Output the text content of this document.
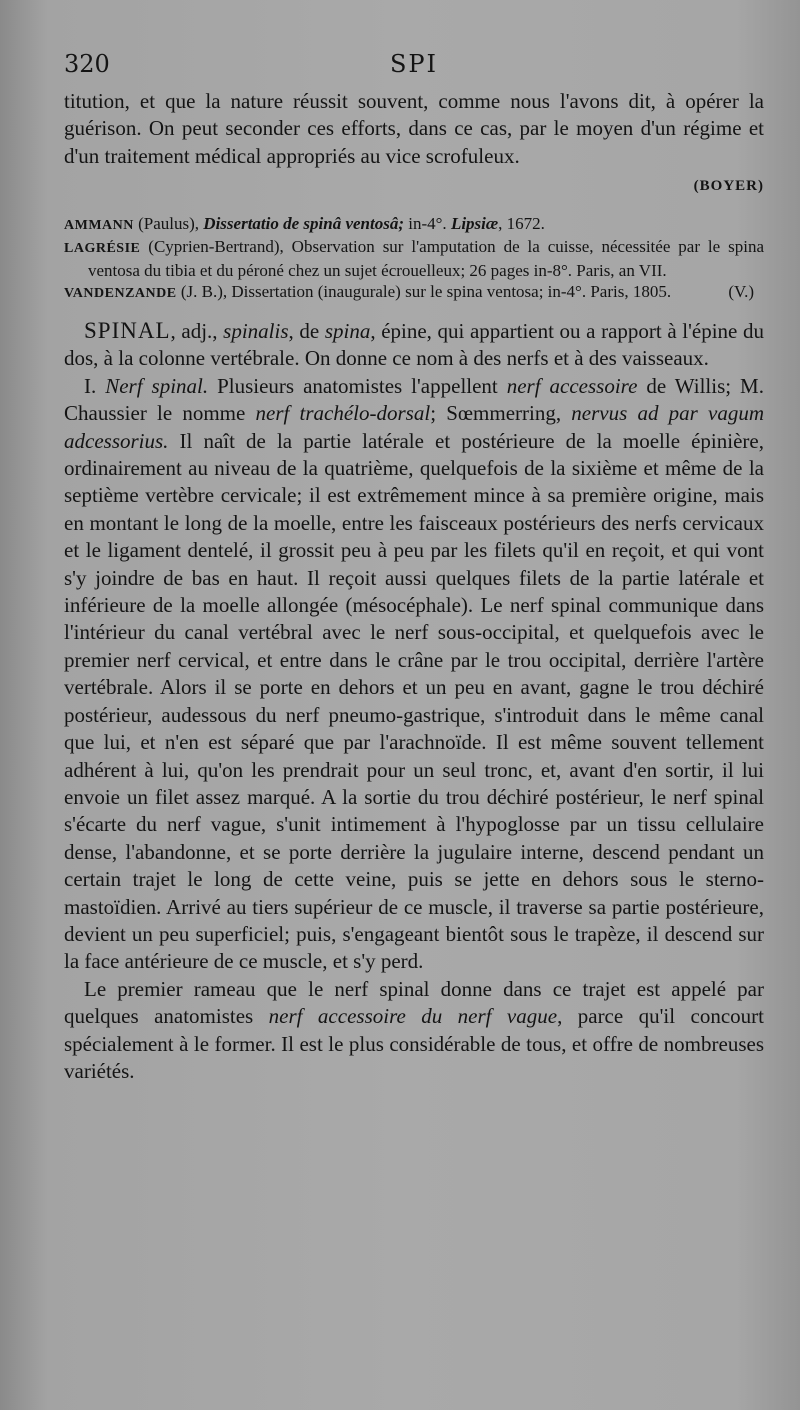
320	SPI

titution, et que la nature réussit souvent, comme nous l'avons dit, à opérer la guérison. On peut seconder ces efforts, dans ce cas, par le moyen d'un régime et d'un traitement médical appropriés au vice scrofuleux.

(BOYER)

AMMANN (Paulus), Dissertatio de spinâ ventosâ; in-4°. Lipsiæ, 1672.

LAGRÉSIE (Cyprien-Bertrand), Observation sur l'amputation de la cuisse, nécessitée par le spina ventosa du tibia et du péroné chez un sujet écrouelleux; 26 pages in-8°. Paris, an VII.

VANDENZANDE (J. B.), Dissertation (inaugurale) sur le spina ventosa; in-4°. Paris, 1805.	(V.)

SPINAL, adj., spinalis, de spina, épine, qui appartient ou a rapport à l'épine du dos, à la colonne vertébrale. On donne ce nom à des nerfs et à des vaisseaux.

I. Nerf spinal. Plusieurs anatomistes l'appellent nerf accessoire de Willis; M. Chaussier le nomme nerf trachélo-dorsal; Sœmmerring, nervus ad par vagum adcessorius. Il naît de la partie latérale et postérieure de la moelle épinière, ordinairement au niveau de la quatrième, quelquefois de la sixième et même de la septième vertèbre cervicale; il est extrêmement mince à sa première origine, mais en montant le long de la moelle, entre les faisceaux postérieurs des nerfs cervicaux et le ligament dentelé, il grossit peu à peu par les filets qu'il en reçoit, et qui vont s'y joindre de bas en haut. Il reçoit aussi quelques filets de la partie latérale et inférieure de la moelle allongée (mésocéphale). Le nerf spinal communique dans l'intérieur du canal vertébral avec le nerf sous-occipital, et quelquefois avec le premier nerf cervical, et entre dans le crâne par le trou occipital, derrière l'artère vertébrale. Alors il se porte en dehors et un peu en avant, gagne le trou déchiré postérieur, audessous du nerf pneumo-gastrique, s'introduit dans le même canal que lui, et n'en est séparé que par l'arachnoïde. Il est même souvent tellement adhérent à lui, qu'on les prendrait pour un seul tronc, et, avant d'en sortir, il lui envoie un filet assez marqué. A la sortie du trou déchiré postérieur, le nerf spinal s'écarte du nerf vague, s'unit intimement à l'hypoglosse par un tissu cellulaire dense, l'abandonne, et se porte derrière la jugulaire interne, descend pendant un certain trajet le long de cette veine, puis se jette en dehors sous le sterno-mastoïdien. Arrivé au tiers supérieur de ce muscle, il traverse sa partie postérieure, devient un peu superficiel; puis, s'engageant bientôt sous le trapèze, il descend sur la face antérieure de ce muscle, et s'y perd.

Le premier rameau que le nerf spinal donne dans ce trajet est appelé par quelques anatomistes nerf accessoire du nerf vague, parce qu'il concourt spécialement à le former. Il est le plus considérable de tous, et offre de nombreuses variétés.
